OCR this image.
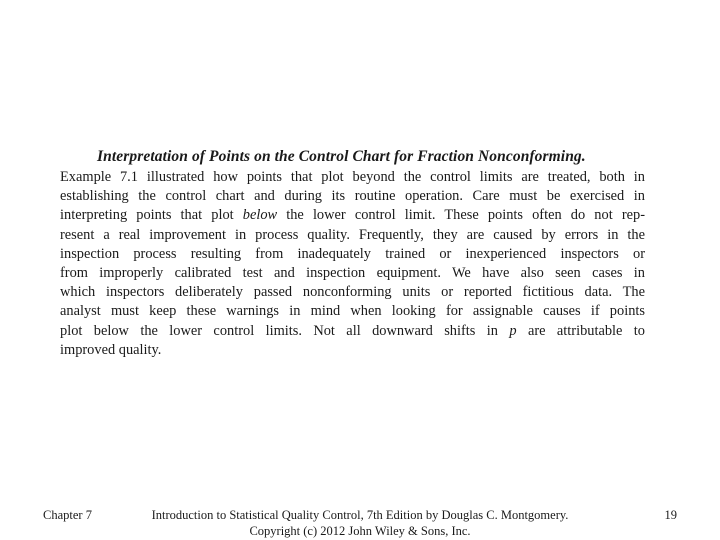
Interpretation of Points on the Control Chart for Fraction Nonconforming.
Example 7.1 illustrated how points that plot beyond the control limits are treated, both in
establishing the control chart and during its routine operation. Care must be exercised in
interpreting points that plot below the lower control limit. These points often do not rep-
resent a real improvement in process quality. Frequently, they are caused by errors in the
inspection process resulting from inadequately trained or inexperienced inspectors or
from improperly calibrated test and inspection equipment. We have also seen cases in
which inspectors deliberately passed nonconforming units or reported fictitious data. The
analyst must keep these warnings in mind when looking for assignable causes if points
plot below the lower control limits. Not all downward shifts in p are attributable to
improved quality.
Chapter 7	Introduction to Statistical Quality Control, 7th Edition by Douglas C. Montgomery.
Copyright (c) 2012 John Wiley & Sons, Inc.
19
